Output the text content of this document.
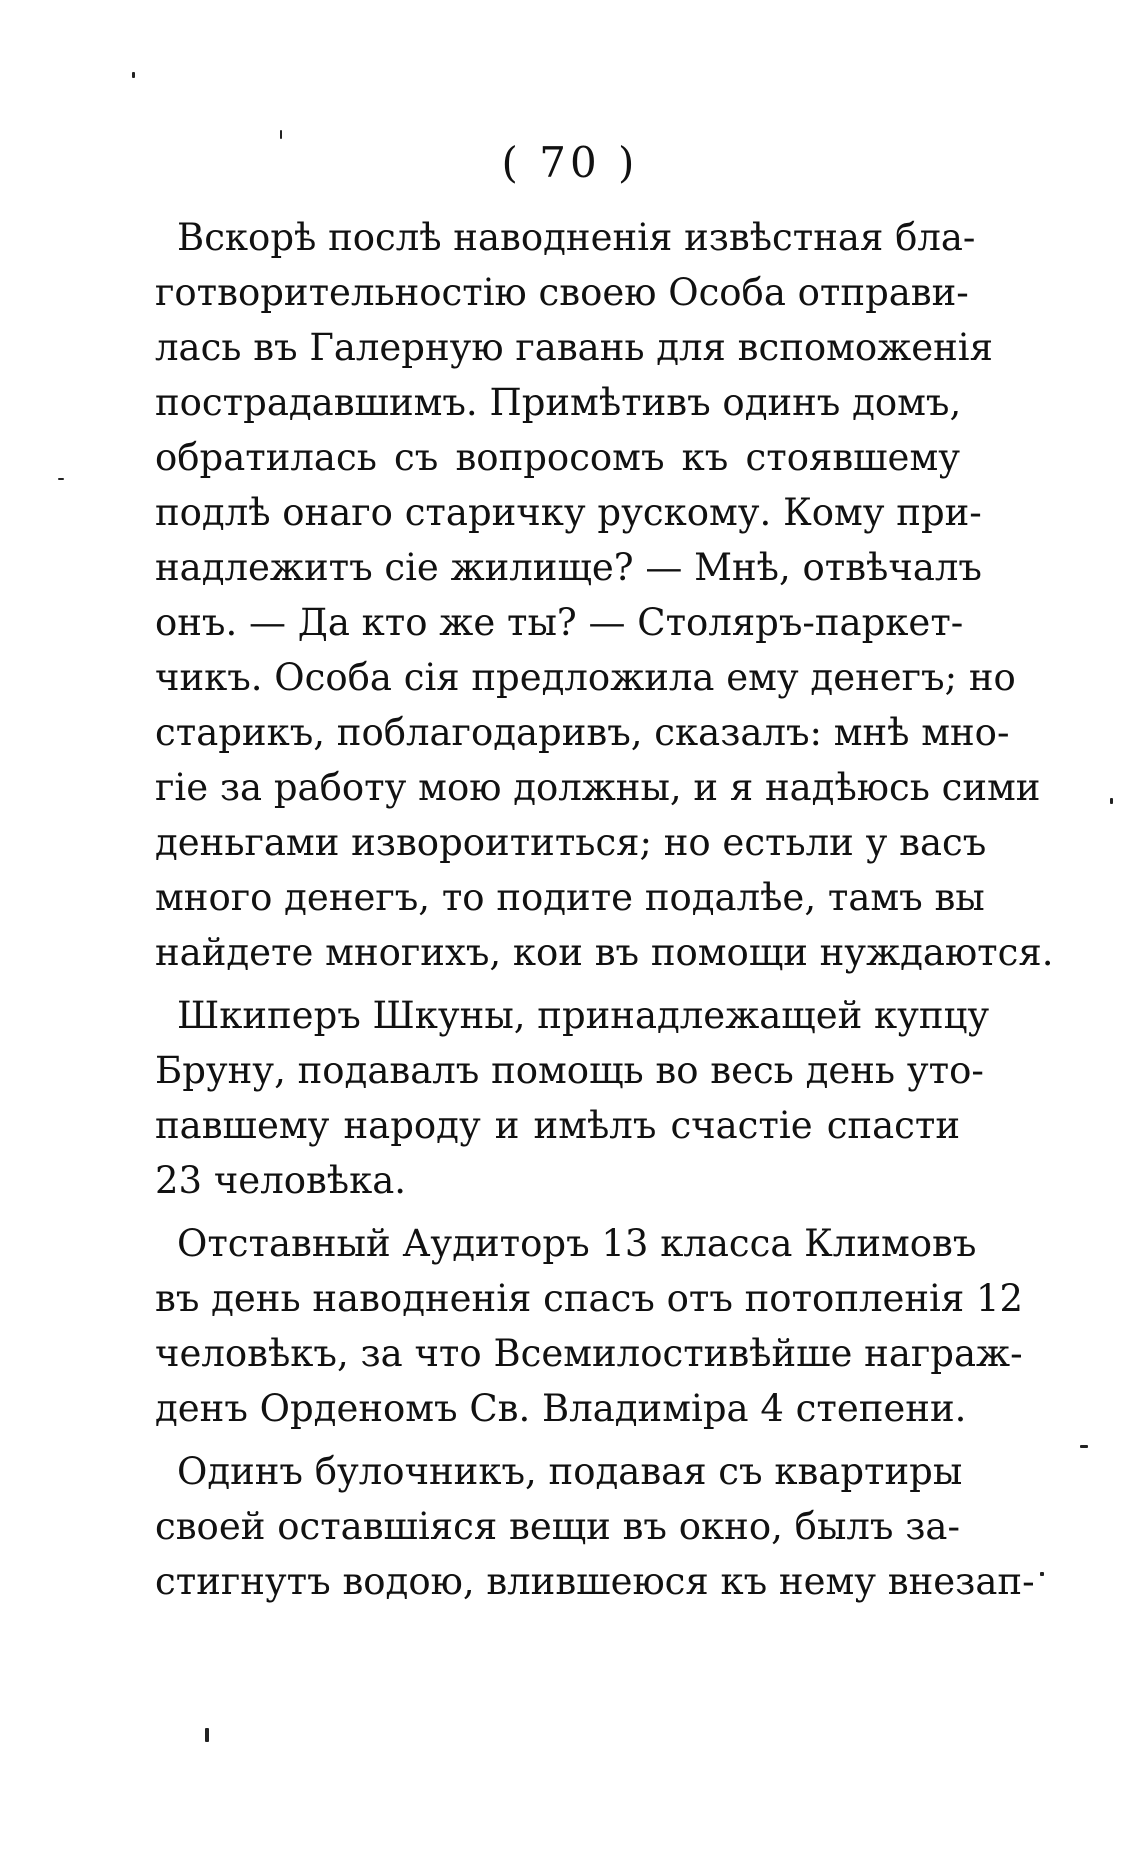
( 70 )
Вскорѣ послѣ наводненія извѣстная бла-
готворительностію своею Особа отправи-
лась въ Галерную гавань для вспоможенія
пострадавшимъ. Примѣтивъ одинъ домъ,
обратилась съ вопросомъ къ стоявшему
подлѣ онаго старичку рускому. Кому при-
надлежитъ сіе жилище? — Мнѣ, отвѣчалъ
онъ. — Да кто же ты? — Столяръ-паркет-
чикъ. Особа сія предложила ему денегъ; но
старикъ, поблагодаривъ, сказалъ: мнѣ мно-
гіе за работу мою должны, и я надѣюсь сими
деньгами извороититься; но естьли у васъ
много денегъ, то подите подалѣе, тамъ вы
найдете многихъ, кои въ помощи нуждаются.
Шкиперъ Шкуны, принадлежащей купцу
Бруну, подавалъ помощь во весь день уто-
павшему народу и имѣлъ счастіе спасти
23 человѣка.
Отставный Аудиторъ 13 класса Климовъ
въ день наводненія спасъ отъ потопленія 12
человѣкъ, за что Всемилостивѣйше награж-
денъ Орденомъ Св. Владиміра 4 степени.
Одинъ булочникъ, подавая съ квартиры
своей оставшіяся вещи въ окно, былъ за-
стигнутъ водою, влившеюся къ нему внезап-
